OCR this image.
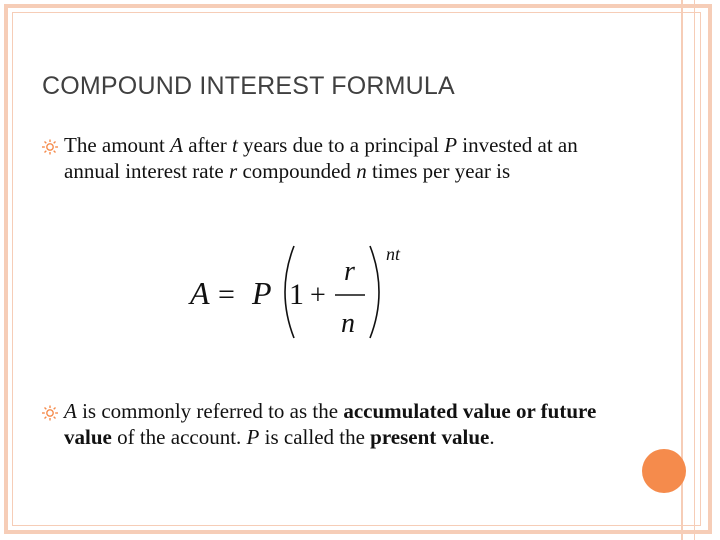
COMPOUND INTEREST FORMULA
The amount A after t years due to a principal P invested at an annual interest rate r compounded n times per year is
A = P 1 +
r
n
nt
A is commonly referred to as the accumulated value or future value of the account. P is called the present value.
